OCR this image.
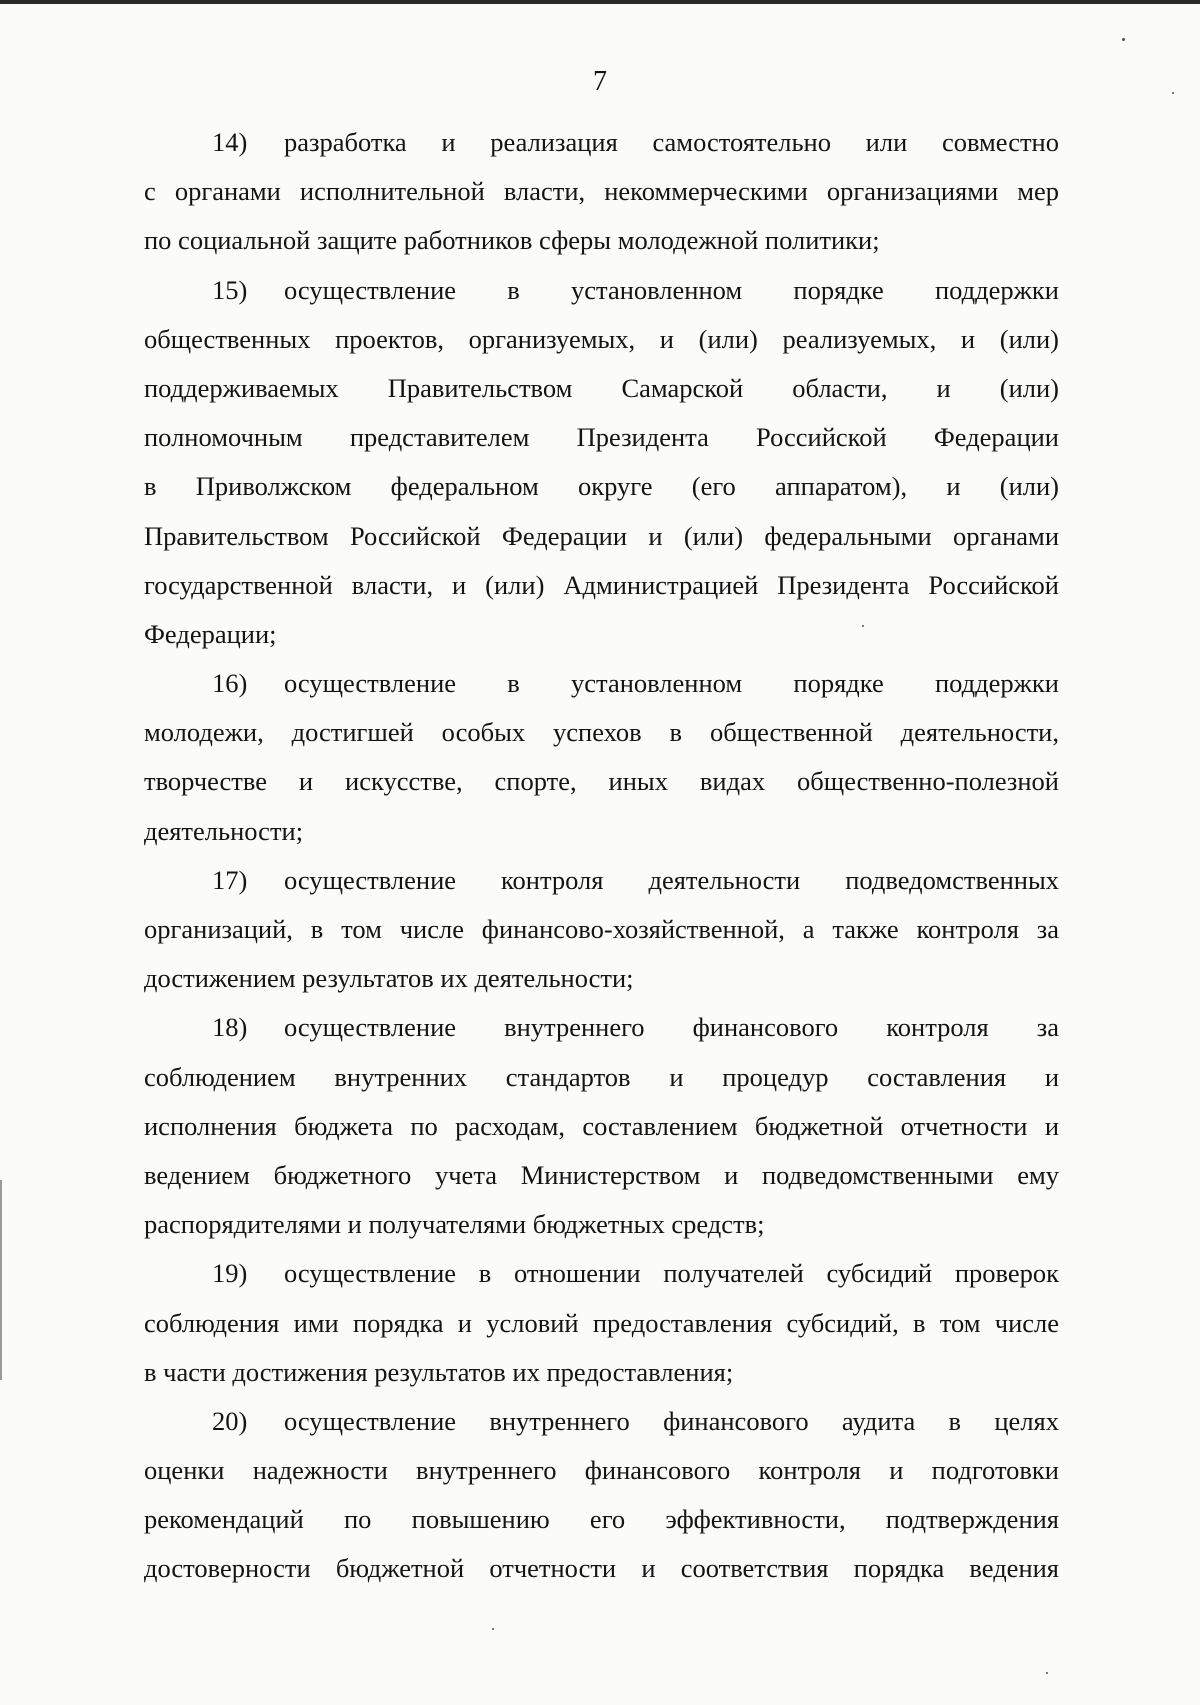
7
14) разработка и реализация самостоятельно или совместно
с органами исполнительной власти, некоммерческими организациями мер
по социальной защите работников сферы молодежной политики;
15) осуществление в установленном порядке поддержки
общественных проектов, организуемых, и (или) реализуемых, и (или)
поддерживаемых Правительством Самарской области, и (или)
полномочным представителем Президента Российской Федерации
в Приволжском федеральном округе (его аппаратом), и (или)
Правительством Российской Федерации и (или) федеральными органами
государственной власти, и (или) Администрацией Президента Российской
Федерации;
16) осуществление в установленном порядке поддержки
молодежи, достигшей особых успехов в общественной деятельности,
творчестве и искусстве, спорте, иных видах общественно-полезной
деятельности;
17) осуществление контроля деятельности подведомственных
организаций, в том числе финансово-хозяйственной, а также контроля за
достижением результатов их деятельности;
18) осуществление внутреннего финансового контроля за
соблюдением внутренних стандартов и процедур составления и
исполнения бюджета по расходам, составлением бюджетной отчетности и
ведением бюджетного учета Министерством и подведомственными ему
распорядителями и получателями бюджетных средств;
19) осуществление в отношении получателей субсидий проверок
соблюдения ими порядка и условий предоставления субсидий, в том числе
в части достижения результатов их предоставления;
20) осуществление внутреннего финансового аудита в целях
оценки надежности внутреннего финансового контроля и подготовки
рекомендаций по повышению его эффективности, подтверждения
достоверности бюджетной отчетности и соответствия порядка ведения
